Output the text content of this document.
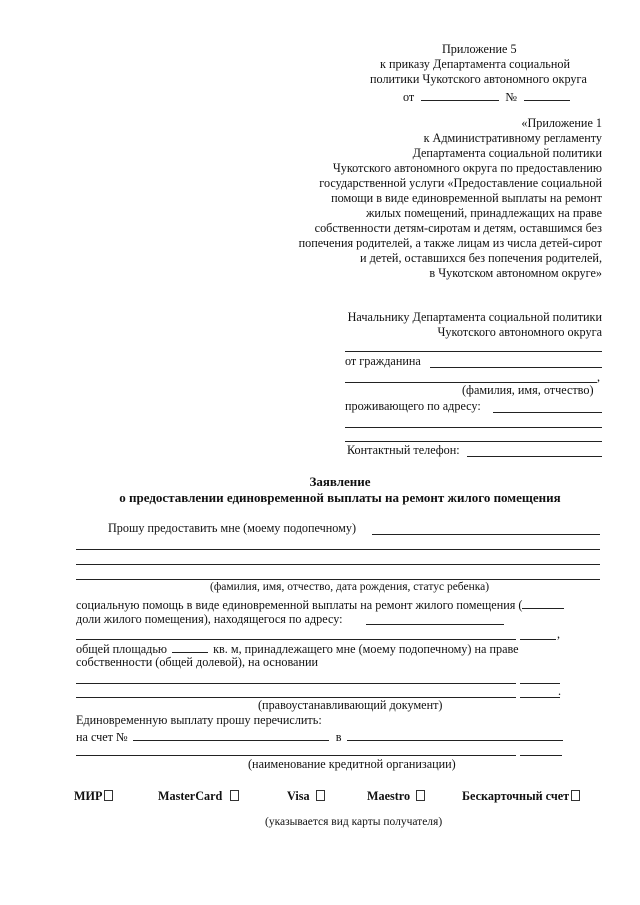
Приложение 5
к приказу Департамента социальной
политики Чукотского автономного округа
от	№
«Приложение 1
к Административному регламенту
Департамента социальной политики
Чукотского автономного округа по предоставлению
государственной услуги «Предоставление социальной
помощи в виде единовременной выплаты на ремонт
жилых помещений, принадлежащих на праве
собственности детям-сиротам и детям, оставшимся без
попечения родителей, а также лицам из числа детей-сирот
и детей, оставшихся без попечения родителей,
в Чукотском автономном округе»
Начальнику Департамента социальной политики
Чукотского автономного округа
от гражданина
,
(фамилия, имя, отчество)
проживающего по адресу:
Контактный телефон:
Заявление
о предоставлении единовременной выплаты на ремонт жилого помещения
Прошу предоставить мне (моему подопечному)
(фамилия, имя, отчество, дата рождения, статус ребенка)
социальную помощь в виде единовременной выплаты на ремонт жилого помещения (
доли жилого помещения), находящегося по адресу:
,
общей площадью	кв. м, принадлежащего мне (моему подопечному) на праве
собственности (общей долевой), на основании
.
(правоустанавливающий документ)
Единовременную выплату прошу перечислить:
на счет №	в
(наименование кредитной организации)
МИР	MasterCard	Visa	Maestro	Бескарточный счет
(указывается вид карты получателя)
